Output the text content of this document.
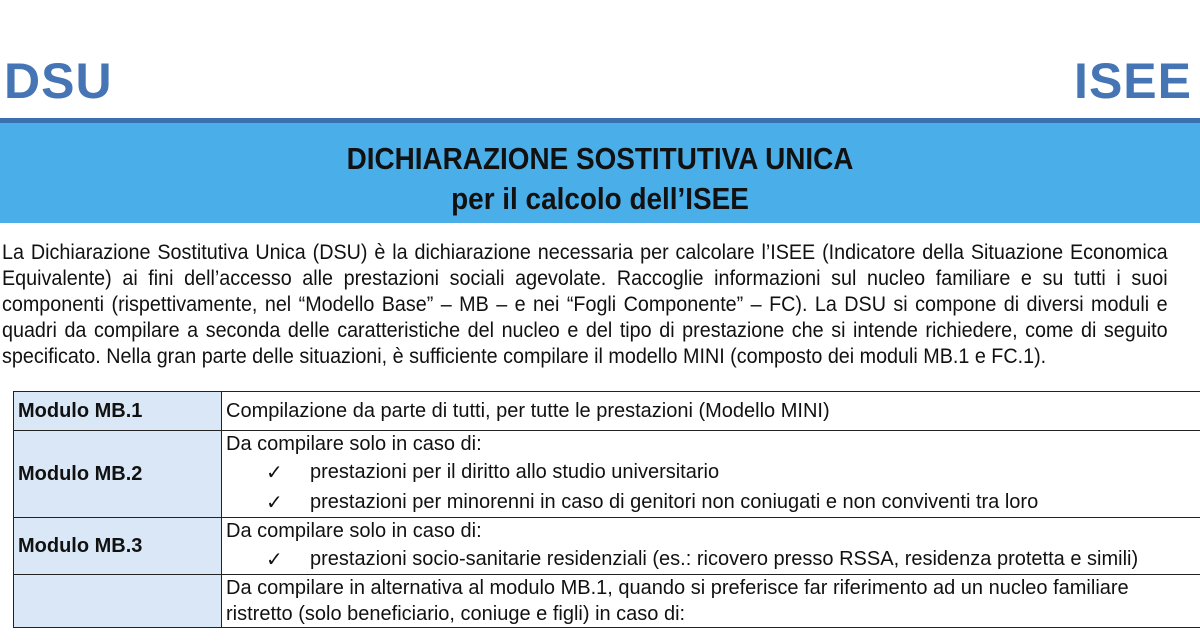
DSU	ISEE
DICHIARAZIONE SOSTITUTIVA UNICA
per il calcolo dell’ISEE
La Dichiarazione Sostitutiva Unica (DSU) è la dichiarazione necessaria per calcolare l’ISEE (Indicatore della Situazione Economica
Equivalente) ai fini dell’accesso alle prestazioni sociali agevolate. Raccoglie informazioni sul nucleo familiare e su tutti i suoi
componenti (rispettivamente, nel “Modello Base” – MB – e nei “Fogli Componente” – FC). La DSU si compone di diversi moduli e
quadri da compilare a seconda delle caratteristiche del nucleo e del tipo di prestazione che si intende richiedere, come di seguito
specificato. Nella gran parte delle situazioni, è sufficiente compilare il modello MINI (composto dei moduli MB.1 e FC.1).
Modulo MB.1	Compilazione da parte di tutti, per tutte le prestazioni (Modello MINI)

Modulo MB.2	Da compilare solo in caso di:
✓ prestazioni per il diritto allo studio universitario
✓ prestazioni per minorenni in caso di genitori non coniugati e non conviventi tra loro

Modulo MB.3	Da compilare solo in caso di:
✓ prestazioni socio-sanitarie residenziali (es.: ricovero presso RSSA, residenza protetta e simili)

	Da compilare in alternativa al modulo MB.1, quando si preferisce far riferimento ad un nucleo familiare
ristretto (solo beneficiario, coniuge e figli) in caso di:
